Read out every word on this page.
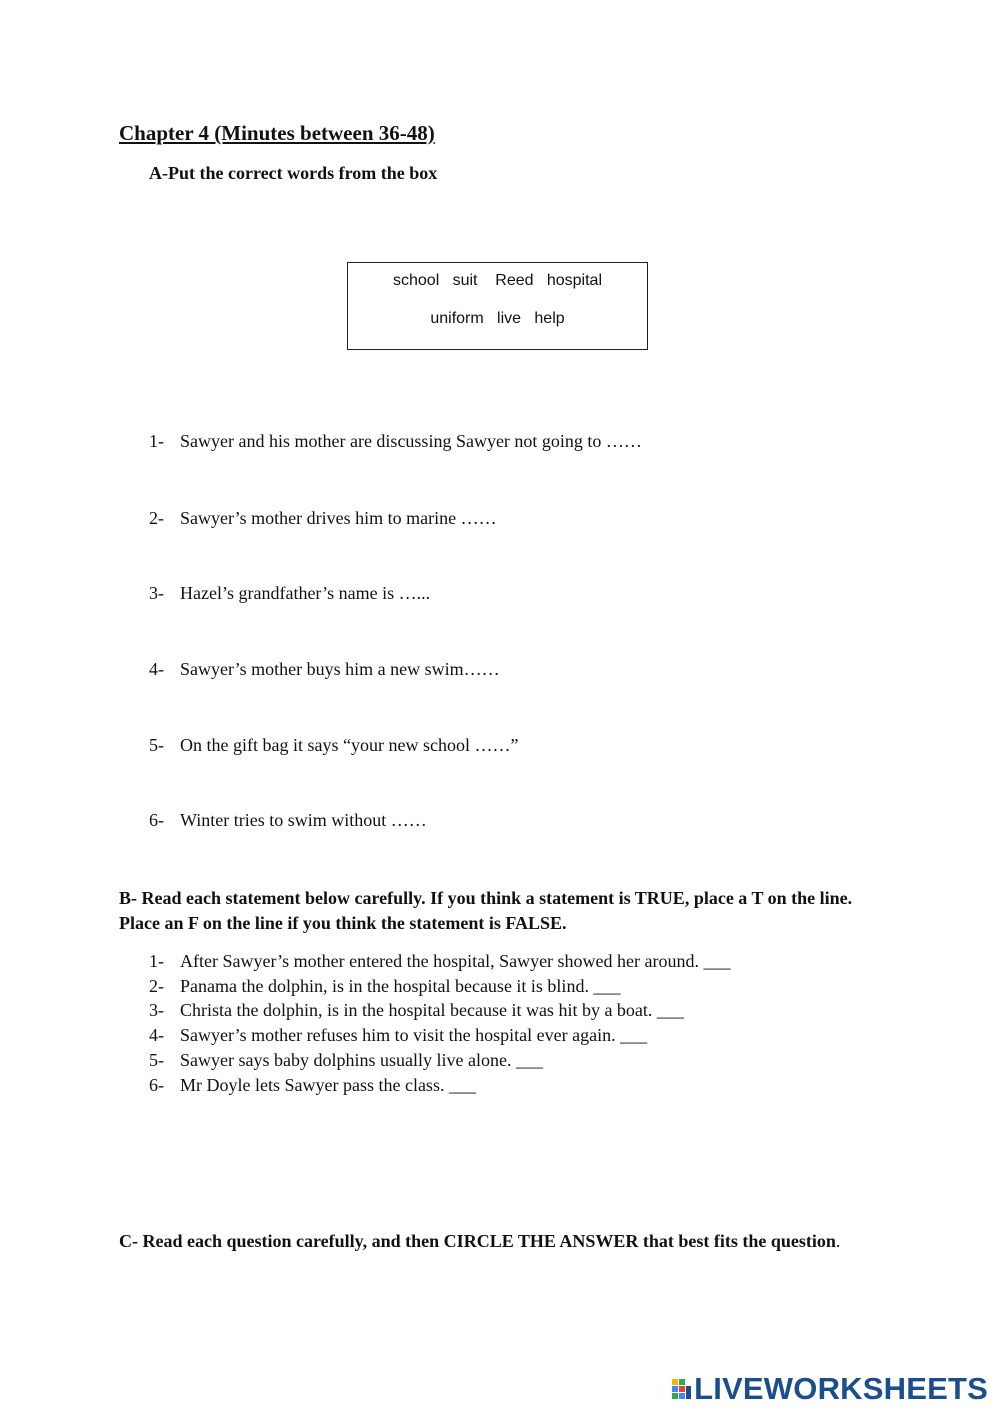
Chapter 4 (Minutes between 36-48)
A-Put the correct words from the box
school   suit    Reed   hospital
uniform   live   help
1- Sawyer and his mother are discussing Sawyer not going to ……
2- Sawyer’s mother drives him to marine ……
3- Hazel’s grandfather’s name is …...
4- Sawyer’s mother buys him a new swim……
5- On the gift bag it says “your new school ……”
6- Winter tries to swim without ……
B- Read each statement below carefully. If you think a statement is TRUE, place a T on the line. Place an F on the line if you think the statement is FALSE.
1- After Sawyer’s mother entered the hospital, Sawyer showed her around. ___
2- Panama the dolphin, is in the hospital because it is blind. ___
3- Christa the dolphin, is in the hospital because it was hit by a boat. ___
4- Sawyer’s mother refuses him to visit the hospital ever again. ___
5- Sawyer says baby dolphins usually live alone. ___
6- Mr Doyle lets Sawyer pass the class. ___
C- Read each question carefully, and then CIRCLE THE ANSWER that best fits the question.
LIVEWORKSHEETS
